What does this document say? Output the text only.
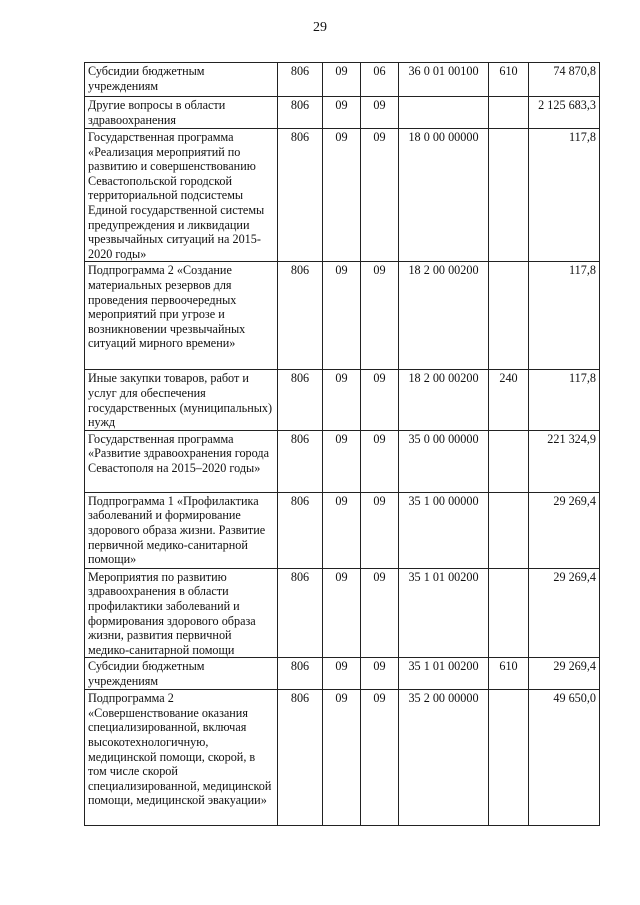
29
Субсидии бюджетным учреждениям	806	09	06	36 0 01 00100	610	74 870,8
Другие вопросы в области здравоохранения	806	09	09			2 125 683,3
Государственная программа «Реализация мероприятий по развитию и совершенствованию Севастопольской городской территориальной подсистемы Единой государственной системы предупреждения и ликвидации чрезвычайных ситуаций на 2015-2020 годы»	806	09	09	18 0 00 00000		117,8
Подпрограмма 2 «Создание материальных резервов для проведения первоочередных мероприятий при угрозе и возникновении чрезвычайных ситуаций мирного времени»	806	09	09	18 2 00 00200		117,8
Иные закупки товаров, работ и услуг для обеспечения государственных (муниципальных) нужд	806	09	09	18 2 00 00200	240	117,8
Государственная программа «Развитие здравоохранения города Севастополя на 2015–2020 годы»	806	09	09	35 0 00 00000		221 324,9
Подпрограмма 1 «Профилактика заболеваний и формирование здорового образа жизни. Развитие первичной медико-санитарной помощи»	806	09	09	35 1 00 00000		29 269,4
Мероприятия по развитию здравоохранения в области профилактики заболеваний и формирования здорового образа жизни, развития первичной медико-санитарной помощи	806	09	09	35 1 01 00200		29 269,4
Субсидии бюджетным учреждениям	806	09	09	35 1 01 00200	610	29 269,4
Подпрограмма 2 «Совершенствование оказания специализированной, включая высокотехнологичную, медицинской помощи, скорой, в том числе скорой специализированной, медицинской помощи, медицинской эвакуации»	806	09	09	35 2 00 00000		49 650,0
